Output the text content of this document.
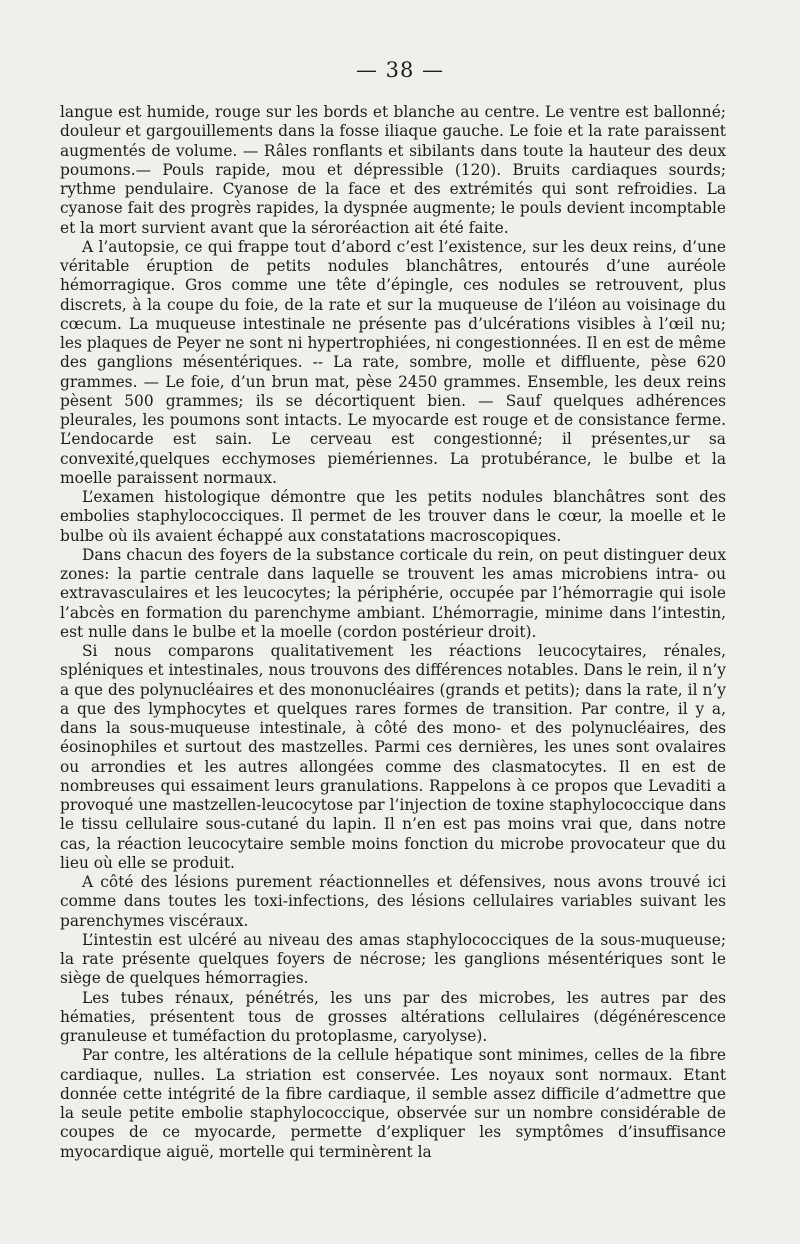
— 38 —

langue est humide, rouge sur les bords et blanche au centre. Le ventre est ballonné; douleur et gargouillements dans la fosse iliaque gauche. Le foie et la rate paraissent augmentés de volume. — Râles ronflants et sibilants dans toute la hauteur des deux poumons.— Pouls rapide, mou et dépressible (120). Bruits cardiaques sourds; rythme pendulaire. Cyanose de la face et des extrémités qui sont refroidies. La cyanose fait des progrès rapides, la dyspnée augmente; le pouls devient incomptable et la mort survient avant que la séroréaction ait été faite.

A l’autopsie, ce qui frappe tout d’abord c’est l’existence, sur les deux reins, d’une véritable éruption de petits nodules blanchâtres, entourés d’une auréole hémorragique. Gros comme une tête d’épingle, ces nodules se retrouvent, plus discrets, à la coupe du foie, de la rate et sur la muqueuse de l’iléon au voisinage du cœcum. La muqueuse intestinale ne présente pas d’ulcérations visibles à l’œil nu; les plaques de Peyer ne sont ni hypertrophiées, ni congestionnées. Il en est de même des ganglions mésentériques. -- La rate, sombre, molle et diffluente, pèse 620 grammes. — Le foie, d’un brun mat, pèse 2450 grammes. Ensemble, les deux reins pèsent 500 grammes; ils se décortiquent bien. — Sauf quelques adhérences pleurales, les poumons sont intacts. Le myocarde est rouge et de consistance ferme. L’endocarde est sain. Le cerveau est congestionné; il présentes,ur sa convexité,quelques ecchymoses piemériennes. La protubérance, le bulbe et la moelle paraissent normaux.

L’examen histologique démontre que les petits nodules blanchâtres sont des embolies staphylococciques. Il permet de les trouver dans le cœur, la moelle et le bulbe où ils avaient échappé aux constatations macroscopiques.

Dans chacun des foyers de la substance corticale du rein, on peut distinguer deux zones: la partie centrale dans laquelle se trouvent les amas microbiens intra- ou extravasculaires et les leucocytes; la périphérie, occupée par l’hémorragie qui isole l’abcès en formation du parenchyme ambiant. L’hémorragie, minime dans l’intestin, est nulle dans le bulbe et la moelle (cordon postérieur droit).

Si nous comparons qualitativement les réactions leucocytaires, rénales, spléniques et intestinales, nous trouvons des différences notables. Dans le rein, il n’y a que des polynucléaires et des mononucléaires (grands et petits); dans la rate, il n’y a que des lymphocytes et quelques rares formes de transition. Par contre, il y a, dans la sous-muqueuse intestinale, à côté des mono- et des polynucléaires, des éosinophiles et surtout des mastzelles. Parmi ces dernières, les unes sont ovalaires ou arrondies et les autres allongées comme des clasmatocytes. Il en est de nombreuses qui essaiment leurs granulations. Rappelons à ce propos que Levaditi a provoqué une mastzellen-leucocytose par l’injection de toxine staphylococcique dans le tissu cellulaire sous-cutané du lapin. Il n’en est pas moins vrai que, dans notre cas, la réaction leucocytaire semble moins fonction du microbe provocateur que du lieu où elle se produit.

A côté des lésions purement réactionnelles et défensives, nous avons trouvé ici comme dans toutes les toxi-infections, des lésions cellulaires variables suivant les parenchymes viscéraux.

L’intestin est ulcéré au niveau des amas staphylococciques de la sous-muqueuse; la rate présente quelques foyers de nécrose; les ganglions mésentériques sont le siège de quelques hémorragies.

Les tubes rénaux, pénétrés, les uns par des microbes, les autres par des hématies, présentent tous de grosses altérations cellulaires (dégénérescence granuleuse et tuméfaction du protoplasme, caryolyse).

Par contre, les altérations de la cellule hépatique sont minimes, celles de la fibre cardiaque, nulles. La striation est conservée. Les noyaux sont normaux. Etant donnée cette intégrité de la fibre cardiaque, il semble assez difficile d’admettre que la seule petite embolie staphylococcique, observée sur un nombre considérable de coupes de ce myocarde, permette d’expliquer les symptômes d’insuffisance myocardique aiguë, mortelle qui terminèrent la
